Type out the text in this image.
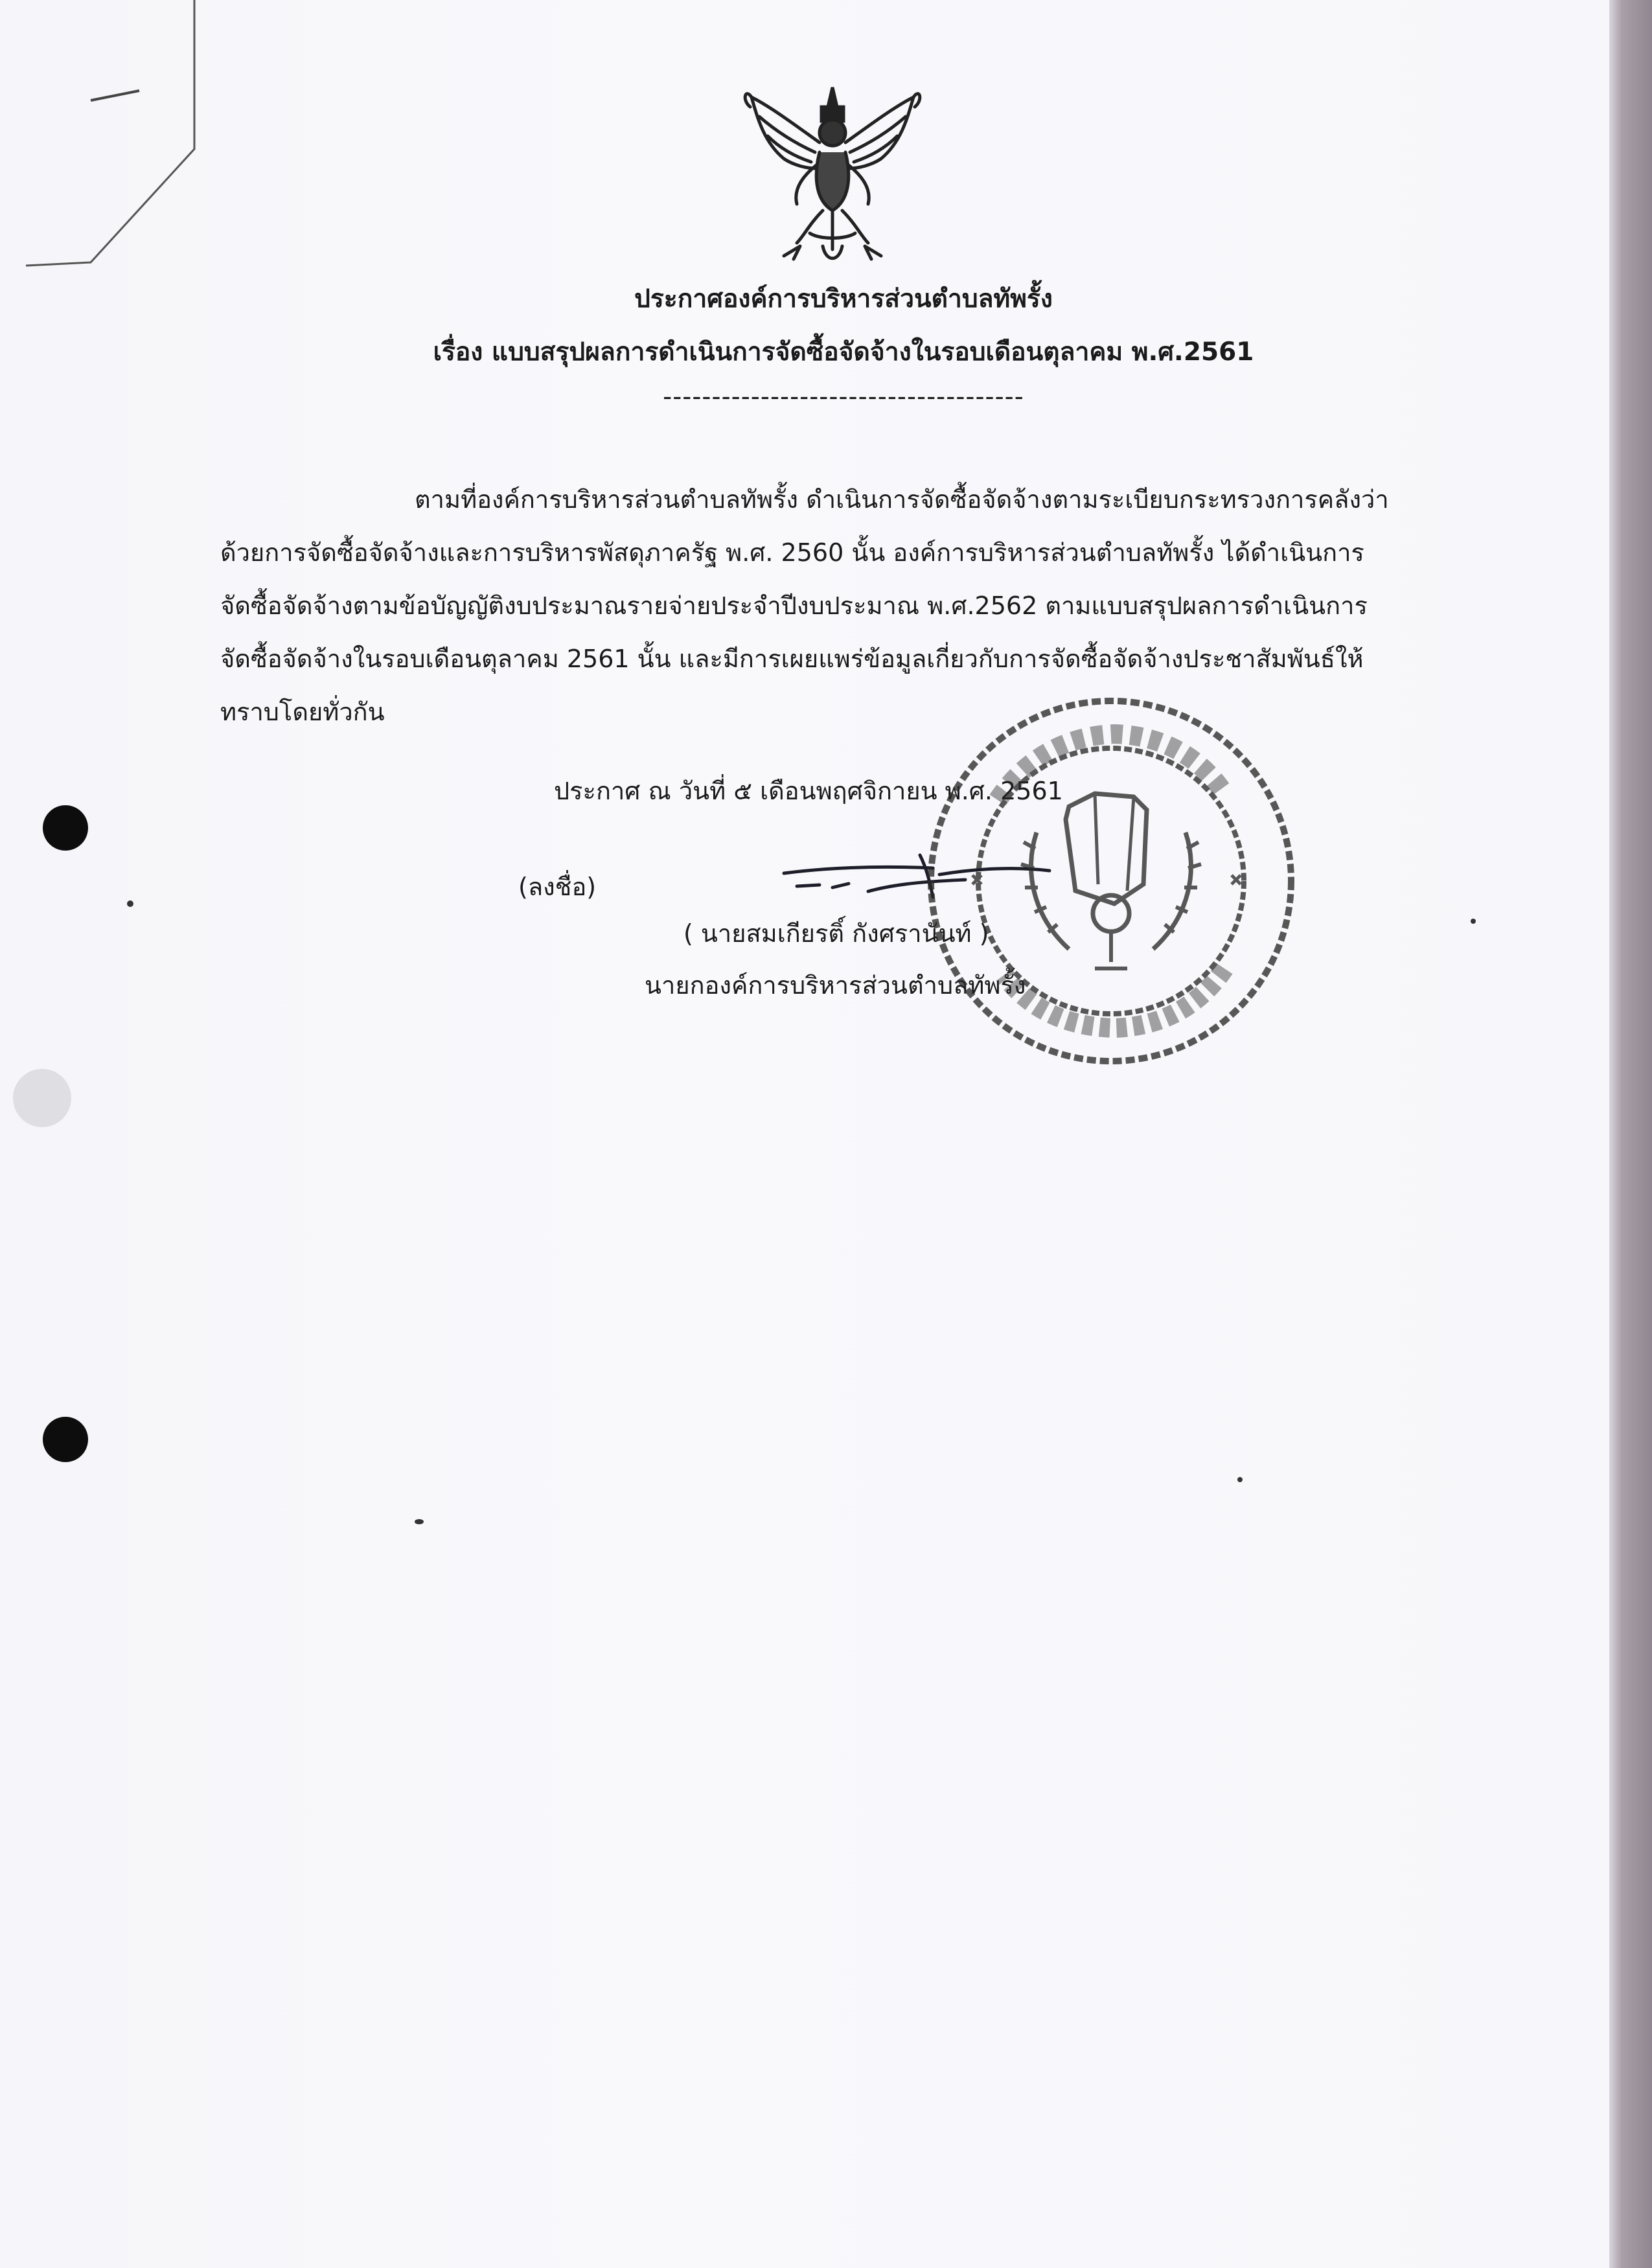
ประกาศองค์การบริหารส่วนตำบลทัพรั้ง
เรื่อง แบบสรุปผลการดำเนินการจัดซื้อจัดจ้างในรอบเดือนตุลาคม พ.ศ.2561
-------------------------------------
ตามที่องค์การบริหารส่วนตำบลทัพรั้ง ดำเนินการจัดซื้อจัดจ้างตามระเบียบกระทรวงการคลังว่า
ด้วยการจัดซื้อจัดจ้างและการบริหารพัสดุภาครัฐ พ.ศ. 2560 นั้น องค์การบริหารส่วนตำบลทัพรั้ง ได้ดำเนินการ
จัดซื้อจัดจ้างตามข้อบัญญัติงบประมาณรายจ่ายประจำปีงบประมาณ พ.ศ.2562 ตามแบบสรุปผลการดำเนินการ
จัดซื้อจัดจ้างในรอบเดือนตุลาคม 2561 นั้น และมีการเผยแพร่ข้อมูลเกี่ยวกับการจัดซื้อจัดจ้างประชาสัมพันธ์ให้
ทราบโดยทั่วกัน
ประกาศ ณ วันที่ ๕ เดือนพฤศจิกายน พ.ศ. 2561
(ลงชื่อ)
( นายสมเกียรติ์ กังศรานันท์ )
นายกองค์การบริหารส่วนตำบลทัพรั้ง
